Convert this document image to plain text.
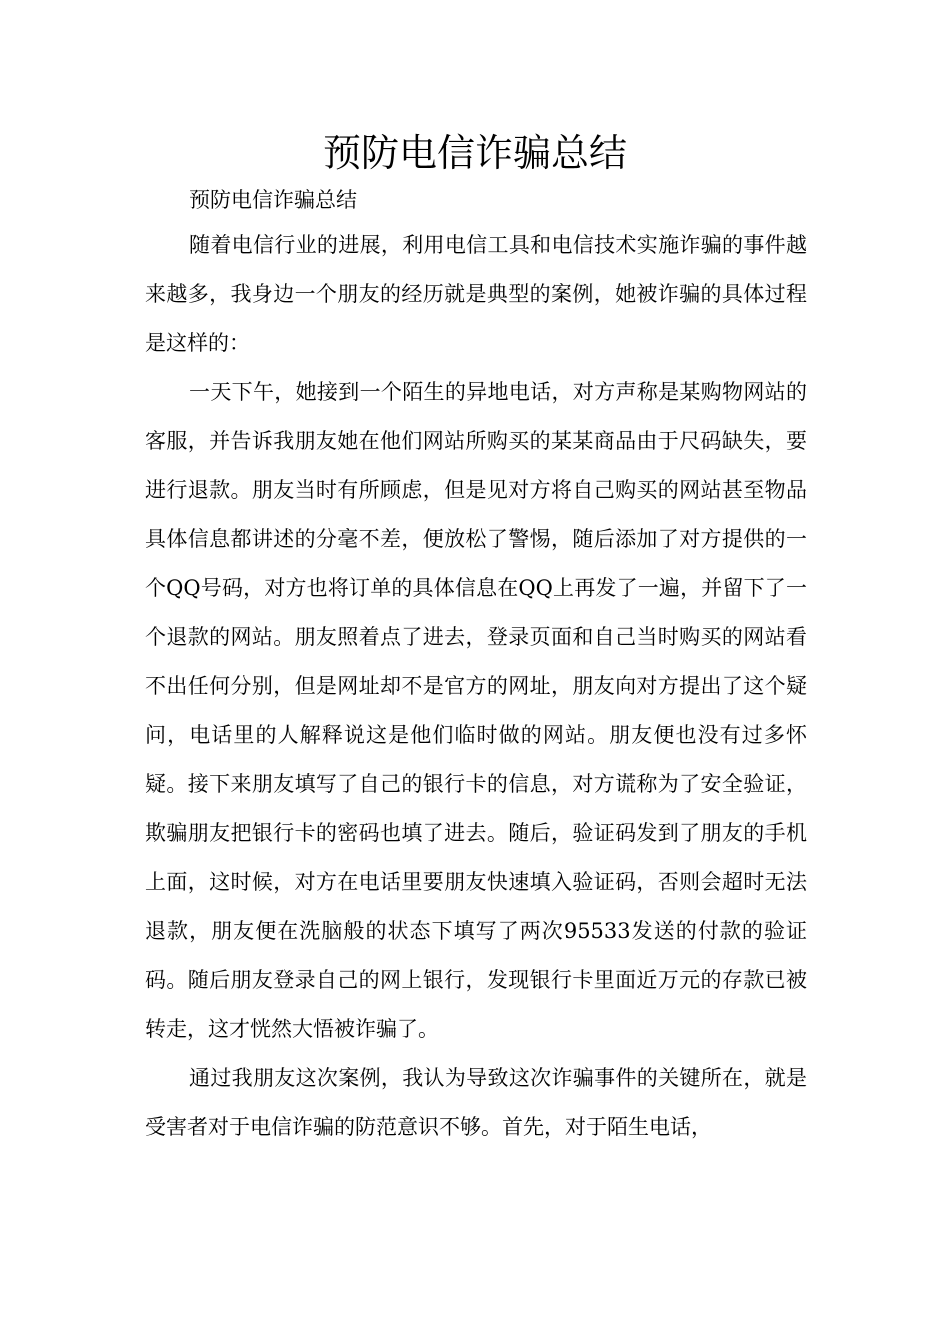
预防电信诈骗总结

预防电信诈骗总结

随着电信行业的进展，利用电信工具和电信技术实施诈骗的事件越来越多，我身边一个朋友的经历就是典型的案例，她被诈骗的具体过程是这样的：

一天下午，她接到一个陌生的异地电话，对方声称是某购物网站的客服，并告诉我朋友她在他们网站所购买的某某商品由于尺码缺失，要进行退款。朋友当时有所顾虑，但是见对方将自己购买的网站甚至物品具体信息都讲述的分毫不差，便放松了警惕，随后添加了对方提供的一个QQ号码，对方也将订单的具体信息在QQ上再发了一遍，并留下了一个退款的网站。朋友照着点了进去，登录页面和自己当时购买的网站看不出任何分别，但是网址却不是官方的网址，朋友向对方提出了这个疑问，电话里的人解释说这是他们临时做的网站。朋友便也没有过多怀疑。接下来朋友填写了自己的银行卡的信息，对方谎称为了安全验证，欺骗朋友把银行卡的密码也填了进去。随后，验证码发到了朋友的手机上面，这时候，对方在电话里要朋友快速填入验证码，否则会超时无法退款，朋友便在洗脑般的状态下填写了两次95533发送的付款的验证码。随后朋友登录自己的网上银行，发现银行卡里面近万元的存款已被转走，这才恍然大悟被诈骗了。

通过我朋友这次案例，我认为导致这次诈骗事件的关键所在，就是受害者对于电信诈骗的防范意识不够。首先，对于陌生电话，
